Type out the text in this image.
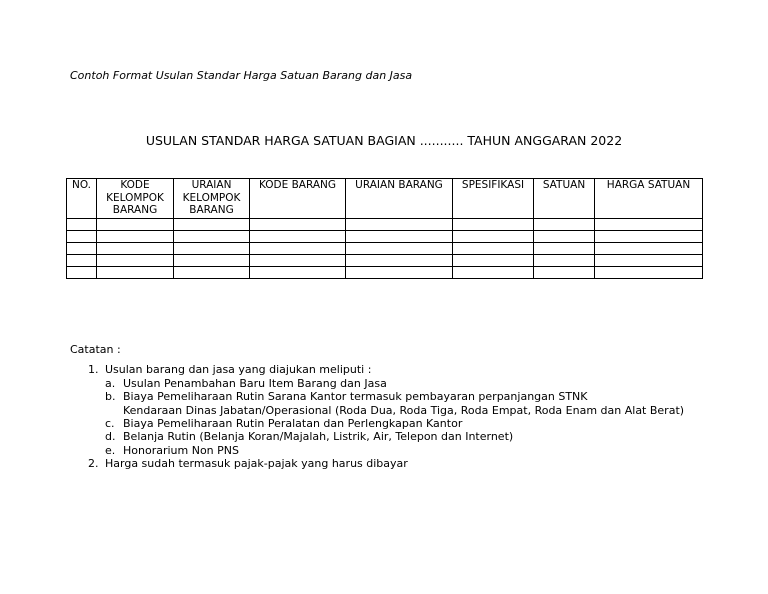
Contoh Format Usulan Standar Harga Satuan Barang dan Jasa
USULAN STANDAR HARGA SATUAN BAGIAN ........... TAHUN ANGGARAN 2022
NO.	KODE KELOMPOK BARANG	URAIAN KELOMPOK BARANG	KODE BARANG	URAIAN BARANG	SPESIFIKASI	SATUAN	HARGA SATUAN

Catatan :
1. Usulan barang dan jasa yang diajukan meliputi :
a. Usulan Penambahan Baru Item Barang dan Jasa
b. Biaya Pemeliharaan Rutin Sarana Kantor termasuk pembayaran perpanjangan STNK
Kendaraan Dinas Jabatan/Operasional (Roda Dua, Roda Tiga, Roda Empat, Roda Enam dan Alat Berat)
c. Biaya Pemeliharaan Rutin Peralatan dan Perlengkapan Kantor
d. Belanja Rutin (Belanja Koran/Majalah, Listrik, Air, Telepon dan Internet)
e. Honorarium Non PNS
2. Harga sudah termasuk pajak-pajak yang harus dibayar
